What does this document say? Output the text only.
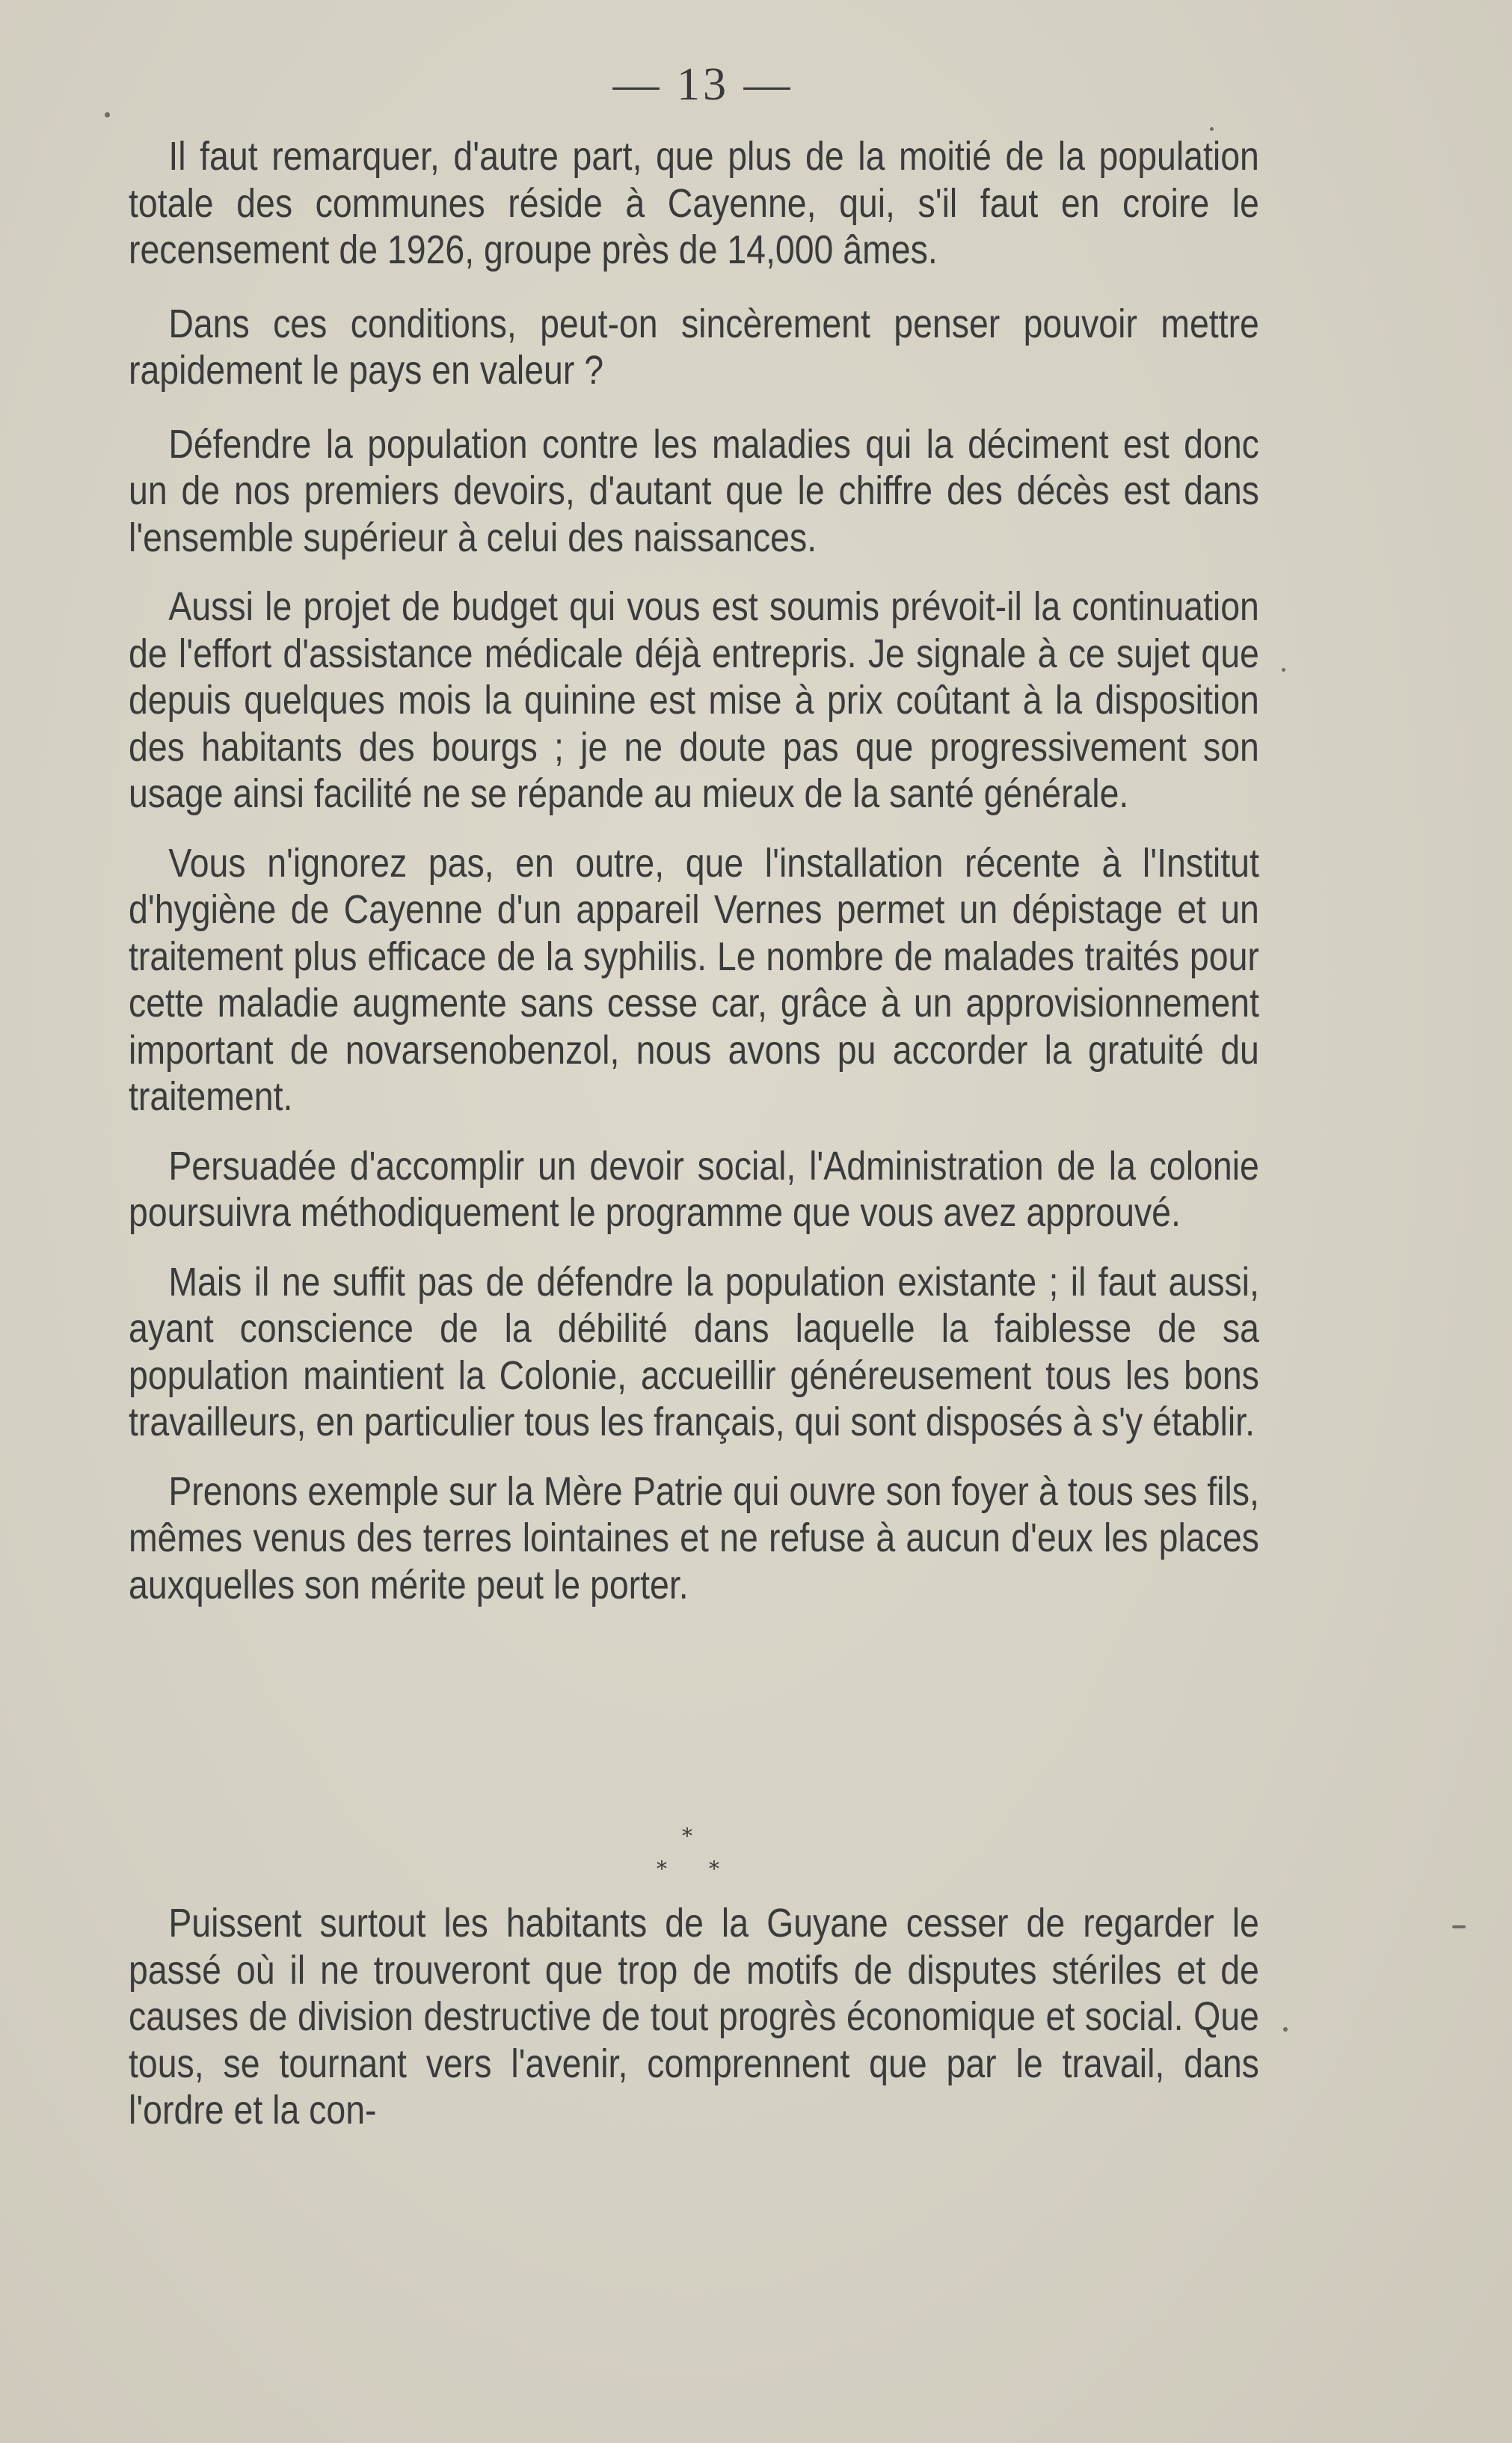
— 13 —

Il faut remarquer, d'autre part, que plus de la moitié de la population totale des communes réside à Cayenne, qui, s'il faut en croire le recensement de 1926, groupe près de 14,000 âmes.

Dans ces conditions, peut-on sincèrement penser pouvoir mettre rapidement le pays en valeur ?

Défendre la population contre les maladies qui la déciment est donc un de nos premiers devoirs, d'autant que le chiffre des décès est dans l'ensemble supérieur à celui des naissances.

Aussi le projet de budget qui vous est soumis prévoit-il la continuation de l'effort d'assistance médicale déjà entrepris. Je signale à ce sujet que depuis quelques mois la quinine est mise à prix coûtant à la disposition des habitants des bourgs ; je ne doute pas que progressivement son usage ainsi facilité ne se répande au mieux de la santé générale.

Vous n'ignorez pas, en outre, que l'installation récente à l'Institut d'hygiène de Cayenne d'un appareil Vernes permet un dépistage et un traitement plus efficace de la syphilis. Le nombre de malades traités pour cette maladie augmente sans cesse car, grâce à un approvisionnement important de novarsenobenzol, nous avons pu accorder la gratuité du traitement.

Persuadée d'accomplir un devoir social, l'Administration de la colonie poursuivra méthodiquement le programme que vous avez approuvé.

Mais il ne suffit pas de défendre la population existante ; il faut aussi, ayant conscience de la débilité dans laquelle la faiblesse de sa population maintient la Colonie, accueillir généreusement tous les bons travailleurs, en particulier tous les français, qui sont disposés à s'y établir.

Prenons exemple sur la Mère Patrie qui ouvre son foyer à tous ses fils, mêmes venus des terres lointaines et ne refuse à aucun d'eux les places auxquelles son mérite peut le porter.

*
* *

Puissent surtout les habitants de la Guyane cesser de regarder le passé où il ne trouveront que trop de motifs de disputes stériles et de causes de division destructive de tout progrès économique et social. Que tous, se tournant vers l'avenir, comprennent que par le travail, dans l'ordre et la con-
